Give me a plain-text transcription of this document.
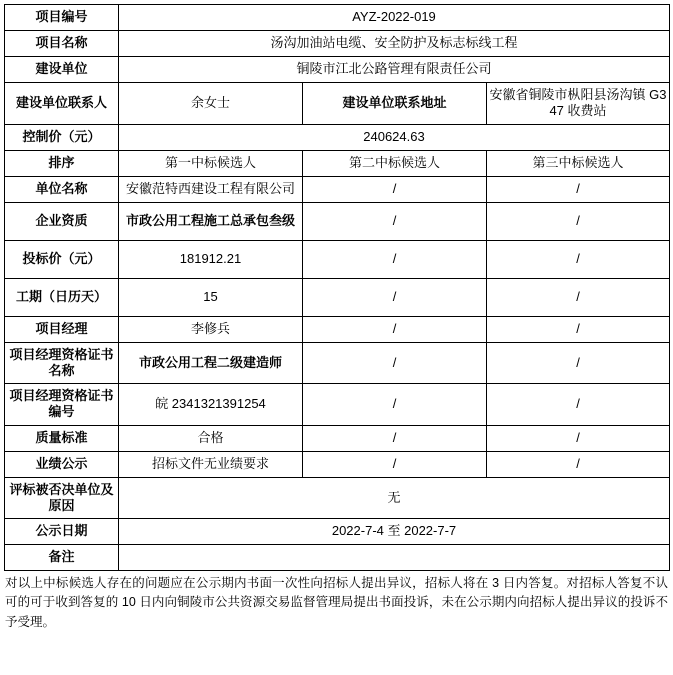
项目编号	AYZ-2022-019		
项目名称	汤沟加油站电缆、安全防护及标志标线工程		
建设单位	铜陵市江北公路管理有限责任公司		
建设单位联系人	余女士	建设单位联系地址	安徽省铜陵市枞阳县汤沟镇 G347 收费站
控制价（元）	240624.63		
排序	第一中标候选人	第二中标候选人	第三中标候选人
单位名称	安徽范特西建设工程有限公司	/	/
企业资质	市政公用工程施工总承包叁级	/	/
投标价（元）	181912.21	/	/
工期（日历天）	15	/	/
项目经理	李修兵	/	/
项目经理资格证书名称	市政公用工程二级建造师	/	/
项目经理资格证书编号	皖 2341321391254	/	/
质量标准	合格	/	/
业绩公示	招标文件无业绩要求	/	/
评标被否决单位及原因	无		
公示日期	2022-7-4 至 2022-7-7		
备注			
对以上中标候选人存在的问题应在公示期内书面一次性向招标人提出异议，招标人将在 3 日内答复。对招标人答复不认可的可于收到答复的 10 日内向铜陵市公共资源交易监督管理局提出书面投诉，未在公示期内向招标人提出异议的投诉不予受理。
